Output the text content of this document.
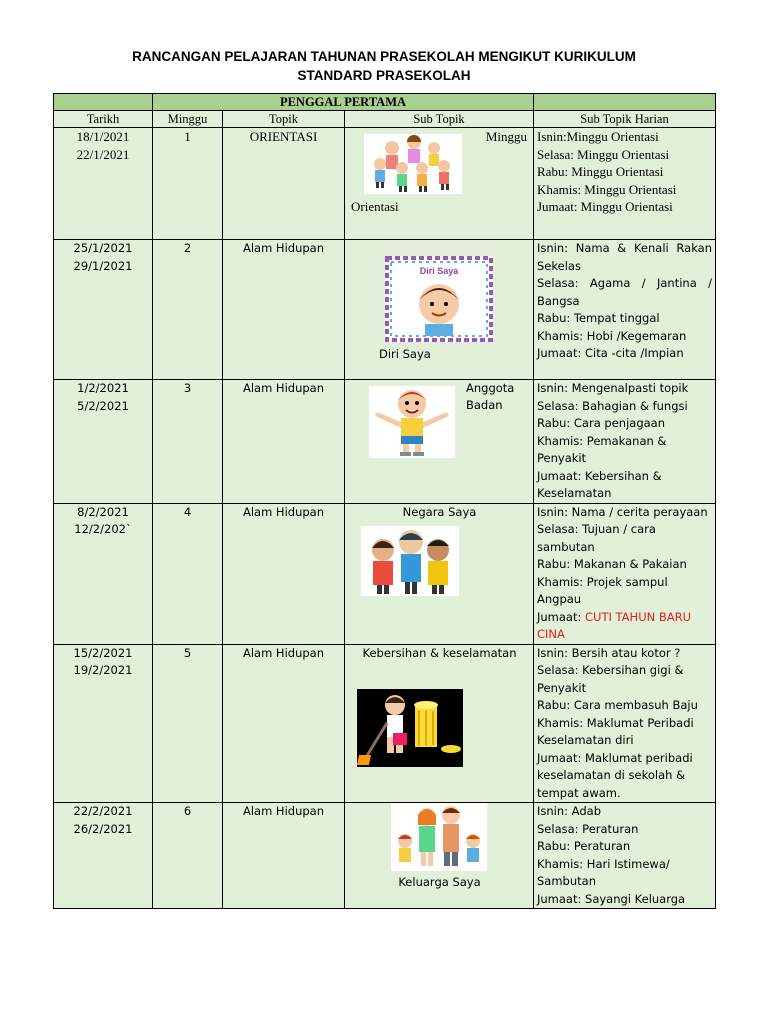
RANCANGAN PELAJARAN TAHUNAN PRASEKOLAH MENGIKUT KURIKULUM
STANDARD PRASEKOLAH
	PENGGAL PERTAMA			
Tarikh	Minggu	Topik	Sub Topik	Sub Topik Harian

18/1/2021
22/1/2021	1	ORIENTASI	Minggu
Orientasi	Isnin:Minggu Orientasi
Selasa: Minggu Orientasi
Rabu: Minggu Orientasi
Khamis: Minggu Orientasi
Jumaat: Minggu Orientasi

25/1/2021
29/1/2021	2	Alam Hidupan	Diri Saya
Diri Saya	Isnin: Nama & Kenali Rakan Sekelas
Selasa: Agama / Jantina / Bangsa
Rabu: Tempat tinggal
Khamis: Hobi /Kegemaran
Jumaat: Cita -cita /Impian

1/2/2021
5/2/2021	3	Alam Hidupan	Anggota
Badan	Isnin: Mengenalpasti topik
Selasa: Bahagian & fungsi
Rabu: Cara penjagaan
Khamis: Pemakanan & Penyakit
Jumaat: Kebersihan & Keselamatan

8/2/2021
12/2/202`	4	Alam Hidupan	Negara Saya	Isnin: Nama / cerita perayaan
Selasa: Tujuan / cara sambutan
Rabu: Makanan & Pakaian
Khamis: Projek sampul Angpau
Jumaat: CUTI TAHUN BARU CINA

15/2/2021
19/2/2021	5	Alam Hidupan	Kebersihan & keselamatan	Isnin: Bersih atau kotor ?
Selasa: Kebersihan gigi & Penyakit
Rabu: Cara membasuh Baju
Khamis: Maklumat Peribadi Keselamatan diri
Jumaat: Maklumat peribadi keselamatan di sekolah & tempat awam.

22/2/2021
26/2/2021	6	Alam Hidupan	Keluarga Saya	Isnin: Adab
Selasa: Peraturan
Rabu: Peraturan
Khamis: Hari Istimewa/ Sambutan
Jumaat: Sayangi Keluarga
